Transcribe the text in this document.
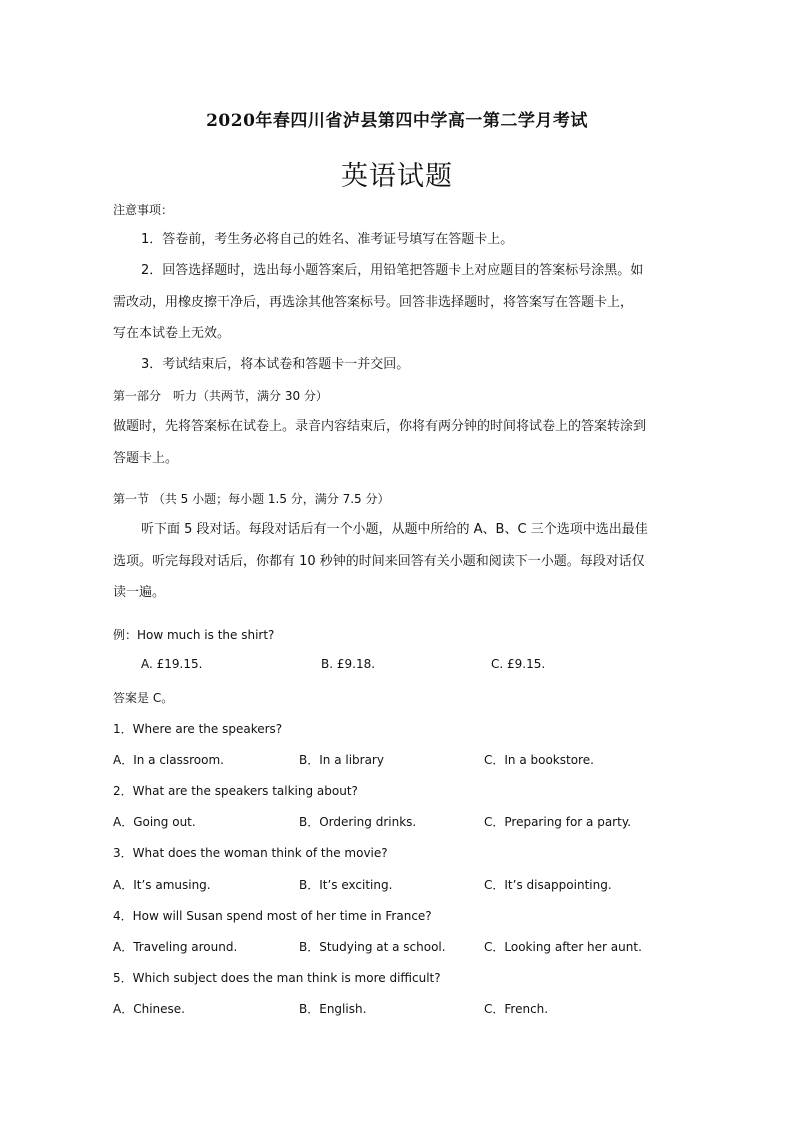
2020年春四川省泸县第四中学高一第二学月考试
英语试题
注意事项：
1．答卷前，考生务必将自己的姓名、准考证号填写在答题卡上。
2．回答选择题时，选出每小题答案后，用铅笔把答题卡上对应题目的答案标号涂黑。如
需改动，用橡皮擦干净后，再选涂其他答案标号。回答非选择题时，将答案写在答题卡上，
写在本试卷上无效。
3．考试结束后，将本试卷和答题卡一并交回。
第一部分　听力（共两节，满分 30 分）
做题时，先将答案标在试卷上。录音内容结束后，你将有两分钟的时间将试卷上的答案转涂到
答题卡上。
第一节 （共 5 小题；每小题 1.5 分，满分 7.5 分）
听下面 5 段对话。每段对话后有一个小题，从题中所给的 A、B、C 三个选项中选出最佳
选项。听完每段对话后，你都有 10 秒钟的时间来回答有关小题和阅读下一小题。每段对话仅
读一遍。
例：How much is the shirt?
A. £19.15.	B. £9.18.	C. £9.15.
答案是 C。
1．Where are the speakers?
A．In a classroom.	B．In a library	C．In a bookstore.
2．What are the speakers talking about?
A．Going out.	B．Ordering drinks.	C．Preparing for a party.
3．What does the woman think of the movie?
A．It’s amusing.	B．It’s exciting.	C．It’s disappointing.
4．How will Susan spend most of her time in France?
A．Traveling around.	B．Studying at a school.	C．Looking after her aunt.
5．Which subject does the man think is more difficult?
A．Chinese.	B．English.	C．French.
